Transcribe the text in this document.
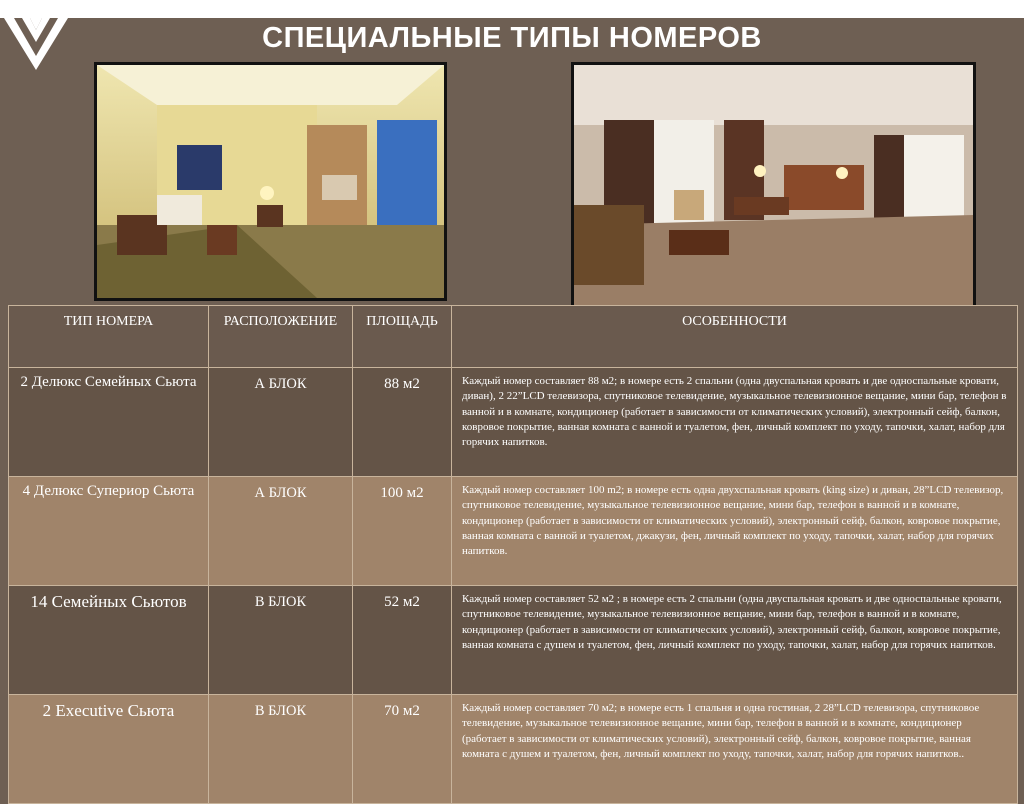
СПЕЦИАЛЬНЫЕ ТИПЫ НОМЕРОВ
ТИП НОМЕРА	РАСПОЛОЖЕНИЕ	ПЛОЩАДЬ	ОСОБЕННОСТИ
2 Делюкс Семейных Сьюта	А БЛОК	88 м2	Каждый номер составляет 88 м2; в номере есть 2 спальни (одна двуспальная кровать и две односпальные кровати, диван), 2 22”LCD телевизора, спутниковое телевидение, музыкальное телевизионное вещание, мини бар, телефон в ванной и в комнате, кондиционер (работает в зависимости от климатических условий), электронный сейф, балкон, ковровое покрытие, ванная комната с ванной и туалетом, фен, личный комплект по уходу, тапочки, халат, набор для горячих напитков.
4 Делюкс Супериор Сьюта	А БЛОК	100 м2	Каждый номер составляет 100 m2; в номере есть одна двухспальная кровать (king size) и диван, 28”LCD телевизор, спутниковое телевидение, музыкальное телевизионное вещание, мини бар, телефон в ванной и в комнате, кондиционер (работает в зависимости от климатических условий), электронный сейф, балкон, ковровое покрытие, ванная комната с ванной и туалетом, джакузи, фен, личный комплект по уходу, тапочки, халат, набор для горячих напитков.
14 Семейных Сьютов	В БЛОК	52 м2	Каждый номер составляет 52 м2 ; в номере есть 2 спальни (одна двуспальная кровать и две односпальные кровати, спутниковое телевидение, музыкальное телевизионное вещание, мини бар, телефон в ванной и в комнате, кондиционер (работает в зависимости от климатических условий), электронный сейф, балкон, ковровое покрытие, ванная комната с душем и туалетом, фен, личный комплект по уходу, тапочки, халат, набор для горячих напитков.
2 Executive Сьюта	В БЛОК	70 м2	Каждый номер составляет 70 м2; в номере есть 1 спальня и одна гостиная, 2 28”LCD телевизора, спутниковое телевидение, музыкальное телевизионное вещание, мини бар, телефон в ванной и в комнате, кондиционер (работает в зависимости от климатических условий), электронный сейф, балкон, ковровое покрытие, ванная комната с душем и туалетом, фен, личный комплект по уходу, тапочки, халат, набор для горячих напитков..
